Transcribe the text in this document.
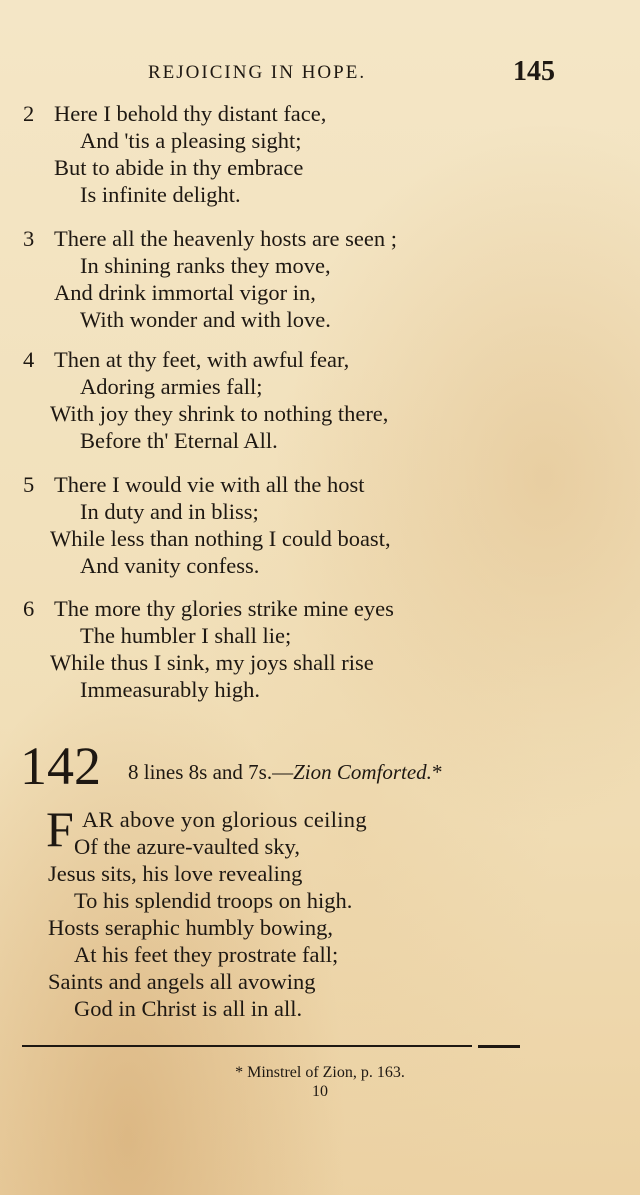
REJOICING IN HOPE.	145
2 Here I behold thy distant face,
And 'tis a pleasing sight;
But to abide in thy embrace
Is infinite delight.
3 There all the heavenly hosts are seen ;
In shining ranks they move,
And drink immortal vigor in,
With wonder and with love.
4 Then at thy feet, with awful fear,
Adoring armies fall;
With joy they shrink to nothing there,
Before th' Eternal All.
5 There I would vie with all the host
In duty and in bliss;
While less than nothing I could boast,
And vanity confess.
6 The more thy glories strike mine eyes
The humbler I shall lie;
While thus I sink, my joys shall rise
Immeasurably high.
142 8 lines 8s and 7s.—Zion Comforted.*
F AR above yon glorious ceiling
Of the azure-vaulted sky,
Jesus sits, his love revealing
To his splendid troops on high.
Hosts seraphic humbly bowing,
At his feet they prostrate fall;
Saints and angels all avowing
God in Christ is all in all.
* Minstrel of Zion, p. 163.
10
